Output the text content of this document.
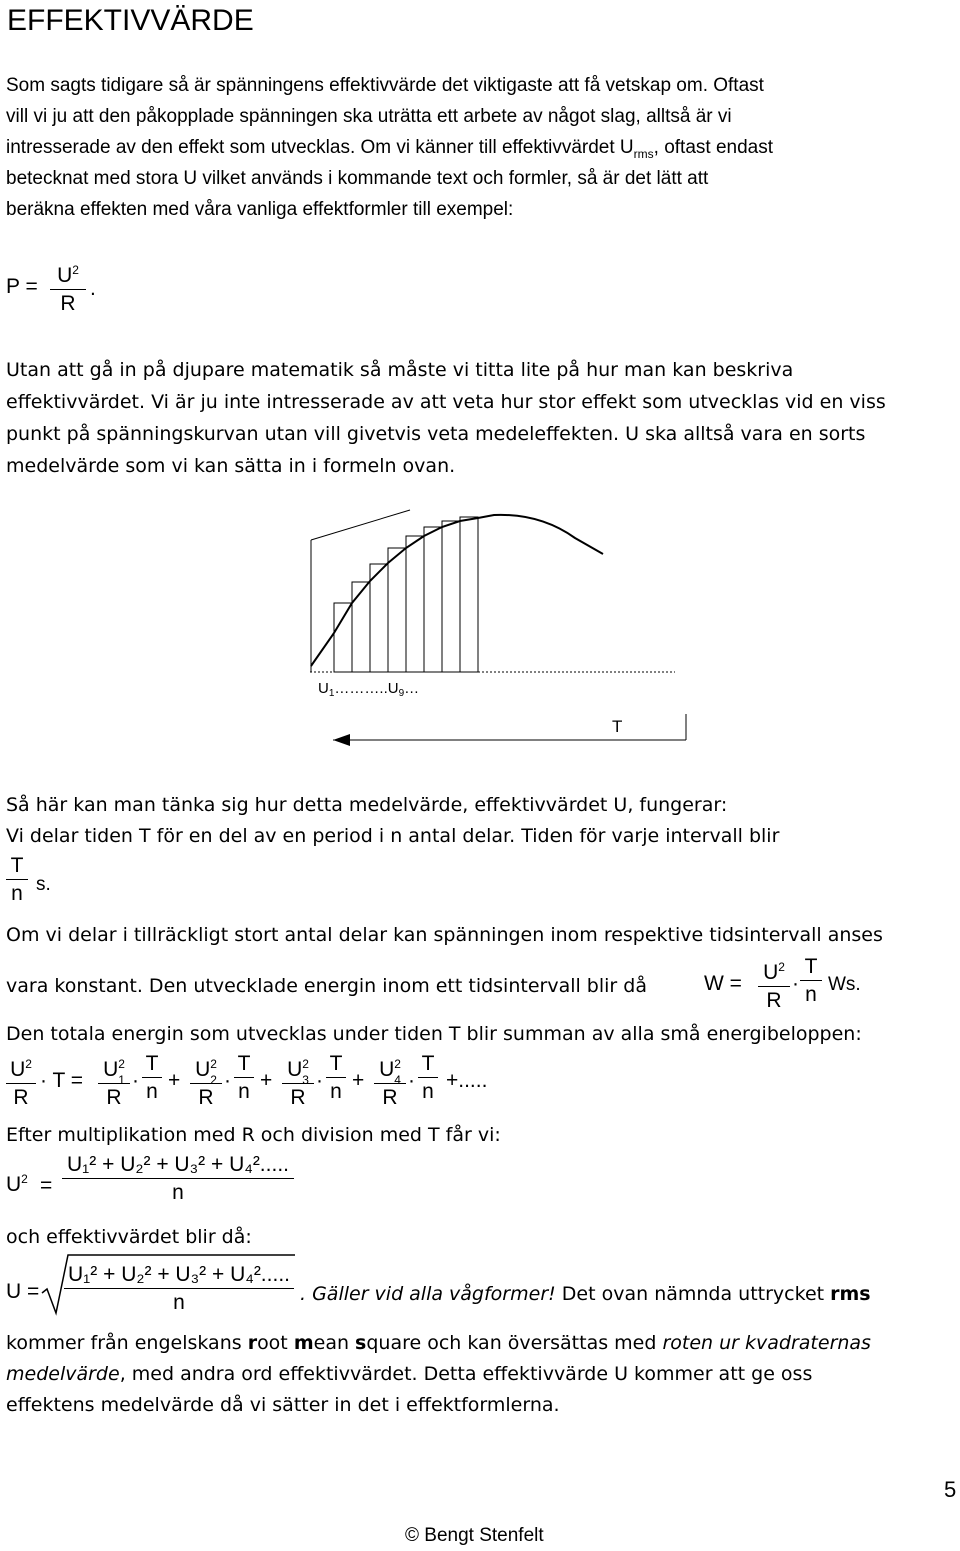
EFFEKTIVVÄRDE
Som sagts tidigare så är spänningens effektivvärde det viktigaste att få vetskap om. Oftast
vill vi ju att den påkopplade spänningen ska uträtta ett arbete av något slag, alltså är vi
intresserade av den effekt som utvecklas. Om vi känner till effektivvärdet $U_{rms}$, oftast endast
betecknat med stora U vilket används i kommande text och formler, så är det lätt att
beräkna effekten med våra vanliga effektformler till exempel:
$P = U^2$
R
.
Utan att gå in på djupare matematik så måste vi titta lite på hur man kan beskriva
effektivvärdet. Vi är ju inte intresserade av att veta hur stor effekt som utvecklas vid en viss
punkt på spänningskurvan utan vill givetvis veta medeleffekten. U ska alltså vara en sorts
medelvärde som vi kan sätta in i formeln ovan.
$U_1\dots\dots\dots..U_9\dots$
T
Så här kan man tänka sig hur detta medelvärde, effektivvärdet U, fungerar:
Vi delar tiden T för en del av en period i n antal delar. Tiden för varje intervall blir
T
n s.
Om vi delar i tillräckligt stort antal delar kan spänningen inom respektive tidsintervall anses
vara konstant. Den utvecklade energin inom ett tidsintervall blir då	$W = U^2$
R
·
T
n Ws.
Den totala energin som utvecklas under tiden T blir summan av alla små energibeloppen:
$U^2$
R
· $T = U^2$
1
R
·
T
$n + U^2$
2
R
·
T
$n + U^2$
3
R
·
T
$n + U^2$
4
R
·
T
n +.....
Efter multiplikation med R och division med T får vi:
$U^2$ =
U₁² + U₂² + U₃² + U₄².....
n
och effektivvärdet blir då:
U =
U₁² + U₂² + U₃² + U₄².....
n	. Gäller vid alla vågformer! Det ovan nämnda uttrycket rms
kommer från engelskans root mean square och kan översättas med roten ur kvadraternas
medelvärde, med andra ord effektivvärdet. Detta effektivvärde U kommer att ge oss
effektens medelvärde då vi sätter in det i effektformlerna.
5
© Bengt Stenfelt
